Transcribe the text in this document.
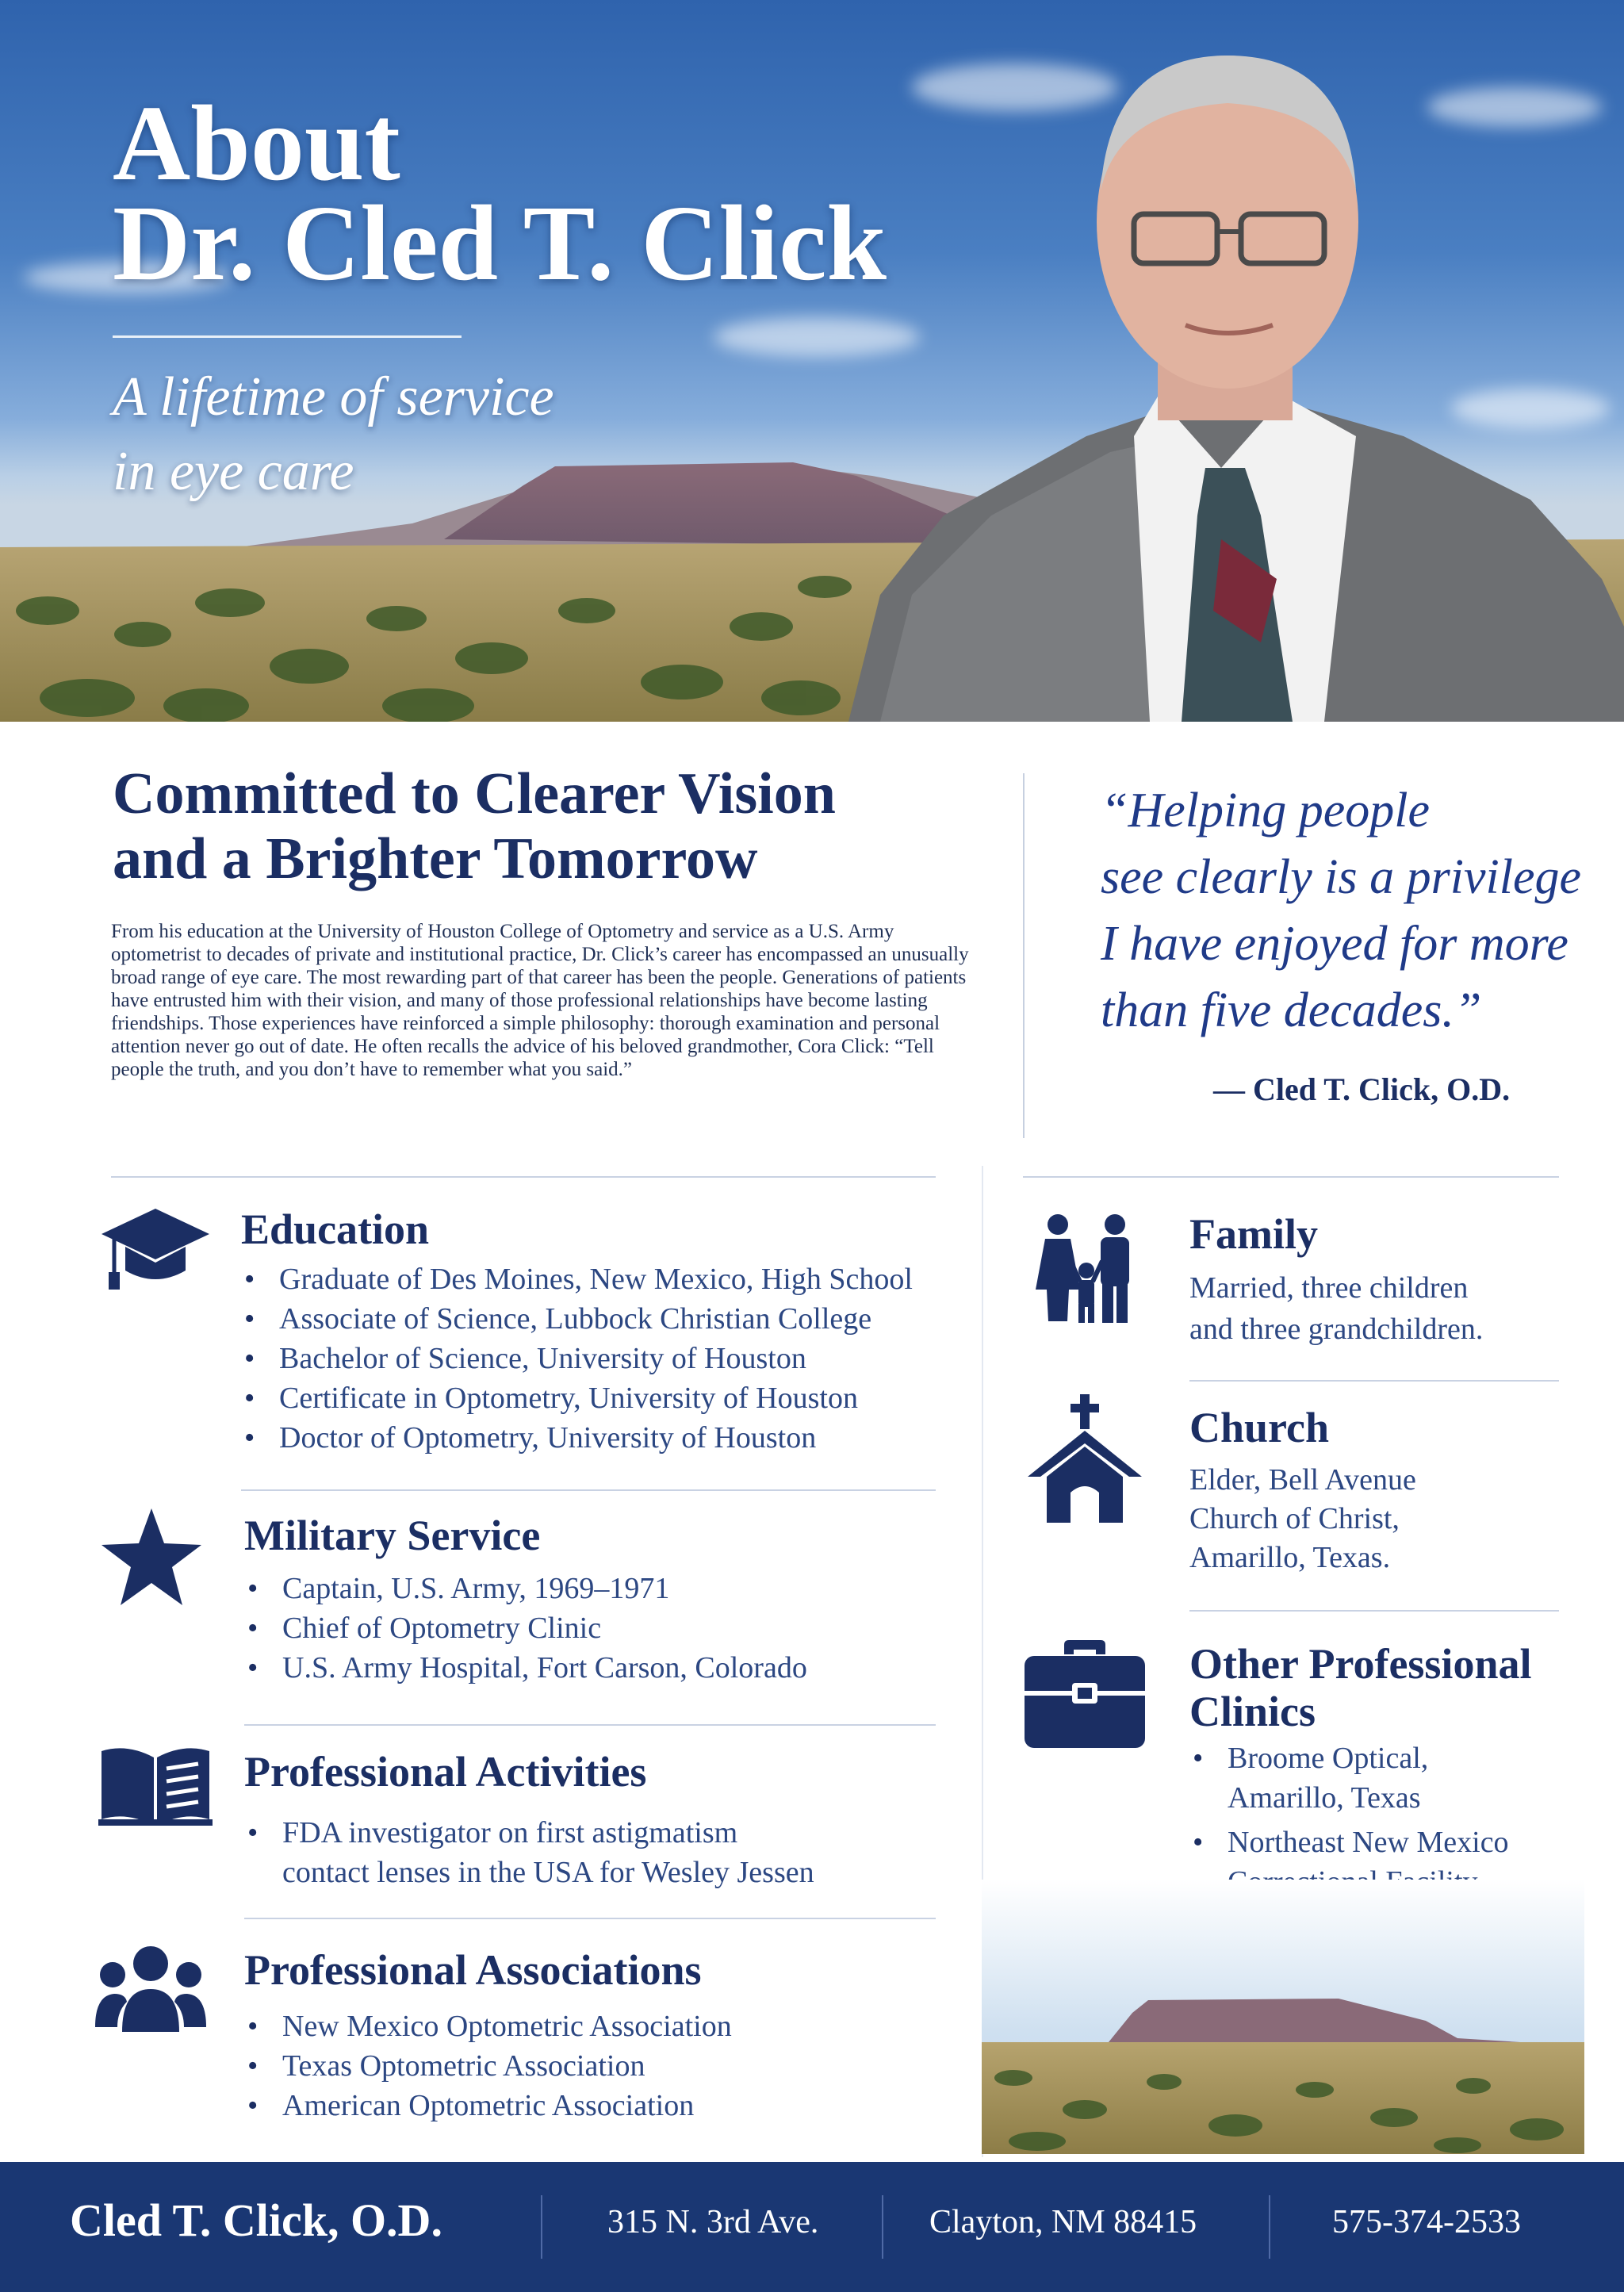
About
Dr. Cled T. Click
A lifetime of service
in eye care
Committed to Clearer Vision
and a Brighter Tomorrow

From his education at the University of Houston College of Optometry and service as a U.S. Army optometrist to decades of private and institutional practice, Dr. Click’s career has encompassed an unusually broad range of eye care. The most rewarding part of that career has been the people. Generations of patients have entrusted him with their vision, and many of those professional relationships have become lasting friendships. Those experiences have reinforced a simple philosophy: thorough examination and personal attention never go out of date. He often recalls the advice of his beloved grandmother, Cora Click: “Tell people the truth, and you don’t have to remember what you said.”

“Helping people
see clearly is a privilege
I have enjoyed for more
than five decades.”
— Cled T. Click, O.D.
Education
• Graduate of Des Moines, New Mexico, High School
• Associate of Science, Lubbock Christian College
• Bachelor of Science, University of Houston
• Certificate in Optometry, University of Houston
• Doctor of Optometry, University of Houston
Military Service
• Captain, U.S. Army, 1969–1971
• Chief of Optometry Clinic
• U.S. Army Hospital, Fort Carson, Colorado
Professional Activities
• FDA investigator on first astigmatism
contact lenses in the USA for Wesley Jessen
Professional Associations
• New Mexico Optometric Association
• Texas Optometric Association
• American Optometric Association
Family
Married, three children
and three grandchildren.
Church
Elder, Bell Avenue
Church of Christ,
Amarillo, Texas.
Other Professional
Clinics
• Broome Optical,
Amarillo, Texas
• Northeast New Mexico

Cled T. Click, O.D.	315 N. 3rd Ave.	Clayton, NM 88415	575-374-2533
